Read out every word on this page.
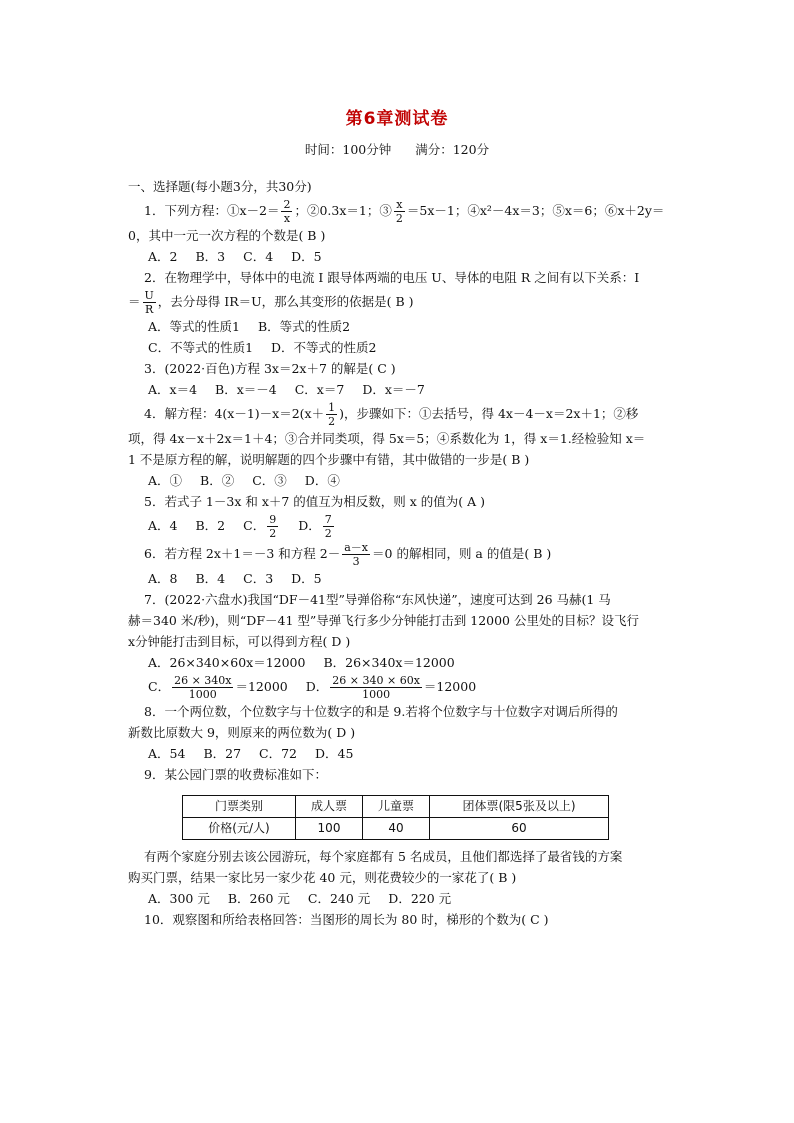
第6章测试卷
时间：100分钟 满分：120分
一、选择题(每小题3分，共30分)
1．下列方程：①x－2＝ $\frac{2}{x}$ ；②0.3x＝1；③ $\frac{x}{2} =5x-1$；④x²－4x＝3；⑤x＝6；⑥x＋2y＝
0，其中一元一次方程的个数是( B )
A．2 B．3 C．4 D．5
2．在物理学中，导体中的电流 I 跟导体两端的电压 U、导体的电阻 R 之间有以下关系：I
＝ $\frac{U}{R}$ ，去分母得 IR＝U，那么其变形的依据是( B )
A．等式的性质1 B．等式的性质2
C．不等式的性质1 D．不等式的性质2
3．(2022·百色)方程 3x＝2x＋7 的解是( C )
A．x＝4 B．x＝－4 C．x＝7 D．x＝－7
4．解方程：$4(x-1)-x=2(x+ \frac{1}{2}$ )，步骤如下：①去括号，得 4x－4－x＝2x＋1；②移
项，得 4x－x＋2x＝1＋4；③合并同类项，得 5x＝5；④系数化为 1，得 x＝1.经检验知 x＝
1 不是原方程的解，说明解题的四个步骤中有错，其中做错的一步是( B )
A．① B．② C．③ D．④
5．若式子 1－3x 和 x＋7 的值互为相反数，则 x 的值为( A )
A．4 B．2 C． $\frac{9}{2}$ D． $\frac{7}{2}$
6．若方程 2x＋1＝－3 和方程 $2- \frac{a-x}{3} =0$ 的解相同，则 a 的值是( B )
A．8 B．4 C．3 D．5
7．(2022·六盘水)我国“DF－41型”导弹俗称“东风快递”，速度可达到 26 马赫(1 马
赫＝340 米/秒)，则“DF－41 型”导弹飞行多少分钟能打击到 12000 公里处的目标？设飞行
x分钟能打击到目标，可以得到方程( D )
A．26×340×60x＝12000 B．26×340x＝12000
C． $\frac{26 \times 340x}{1000} =12000$ D． $\frac{26 \times 340 \times 60x}{1000} =12000$
8．一个两位数，个位数字与十位数字的和是 9.若将个位数字与十位数字对调后所得的
新数比原数大 9，则原来的两位数为( D )
A．54 B．27 C．72 D．45
9．某公园门票的收费标准如下：
门票类别	成人票	儿童票	团体票(限5张及以上)
价格(元/人)	100	40	60
有两个家庭分别去该公园游玩，每个家庭都有 5 名成员，且他们都选择了最省钱的方案
购买门票，结果一家比另一家少花 40 元，则花费较少的一家花了( B )
A．300 元 B．260 元 C．240 元 D．220 元
10．观察图和所给表格回答：当图形的周长为 80 时，梯形的个数为( C )
